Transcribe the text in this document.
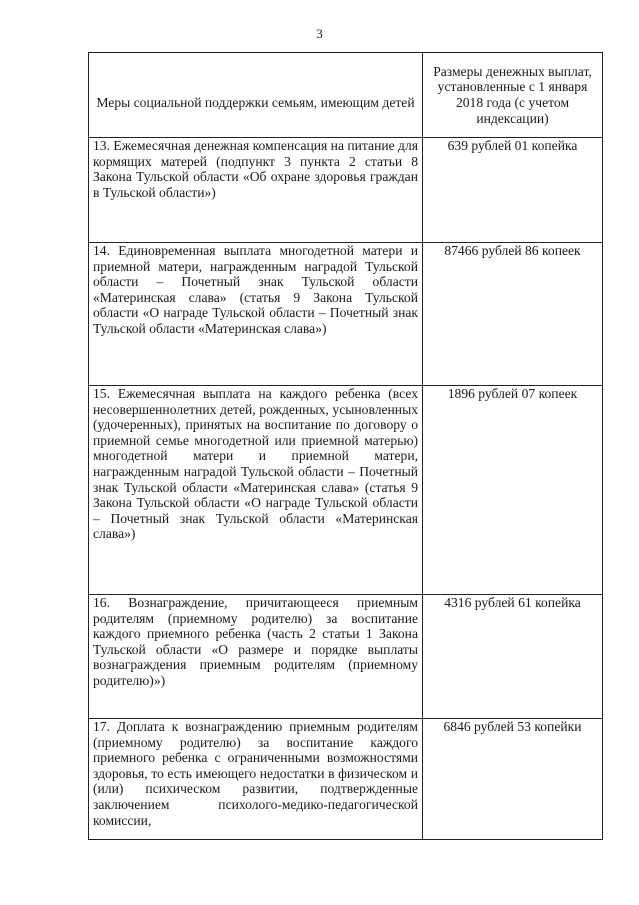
3
Меры социальной поддержки семьям, имеющим детей	Размеры денежных выплат, установленные с 1 января 2018 года (с учетом индексации)
13. Ежемесячная денежная компенсация на питание для кормящих матерей (подпункт 3 пункта 2 статьи 8 Закона Тульской области «Об охране здоровья граждан в Тульской области»)	639 рублей 01 копейка
14. Единовременная выплата многодетной матери и приемной матери, награжденным наградой Тульской области – Почетный знак Тульской области «Материнская слава» (статья 9 Закона Тульской области «О награде Тульской области – Почетный знак Тульской области «Материнская слава»)	87466 рублей 86 копеек
15. Ежемесячная выплата на каждого ребенка (всех несовершеннолетних детей, рожденных, усыновленных (удочеренных), принятых на воспитание по договору о приемной семье многодетной или приемной матерью) многодетной матери и приемной матери, награжденным наградой Тульской области – Почетный знак Тульской области «Материнская слава» (статья 9 Закона Тульской области «О награде Тульской области – Почетный знак Тульской области «Материнская слава»)	1896 рублей 07 копеек
16. Вознаграждение, причитающееся приемным родителям (приемному родителю) за воспитание каждого приемного ребенка (часть 2 статьи 1 Закона Тульской области «О размере и порядке выплаты вознаграждения приемным родителям (приемному родителю)»)	4316 рублей 61 копейка
17. Доплата к вознаграждению приемным родителям (приемному родителю) за воспитание каждого приемного ребенка с ограниченными возможностями здоровья, то есть имеющего недостатки в физическом и (или) психическом развитии, подтвержденные заключением психолого-медико-педагогической комиссии,	6846 рублей 53 копейки
